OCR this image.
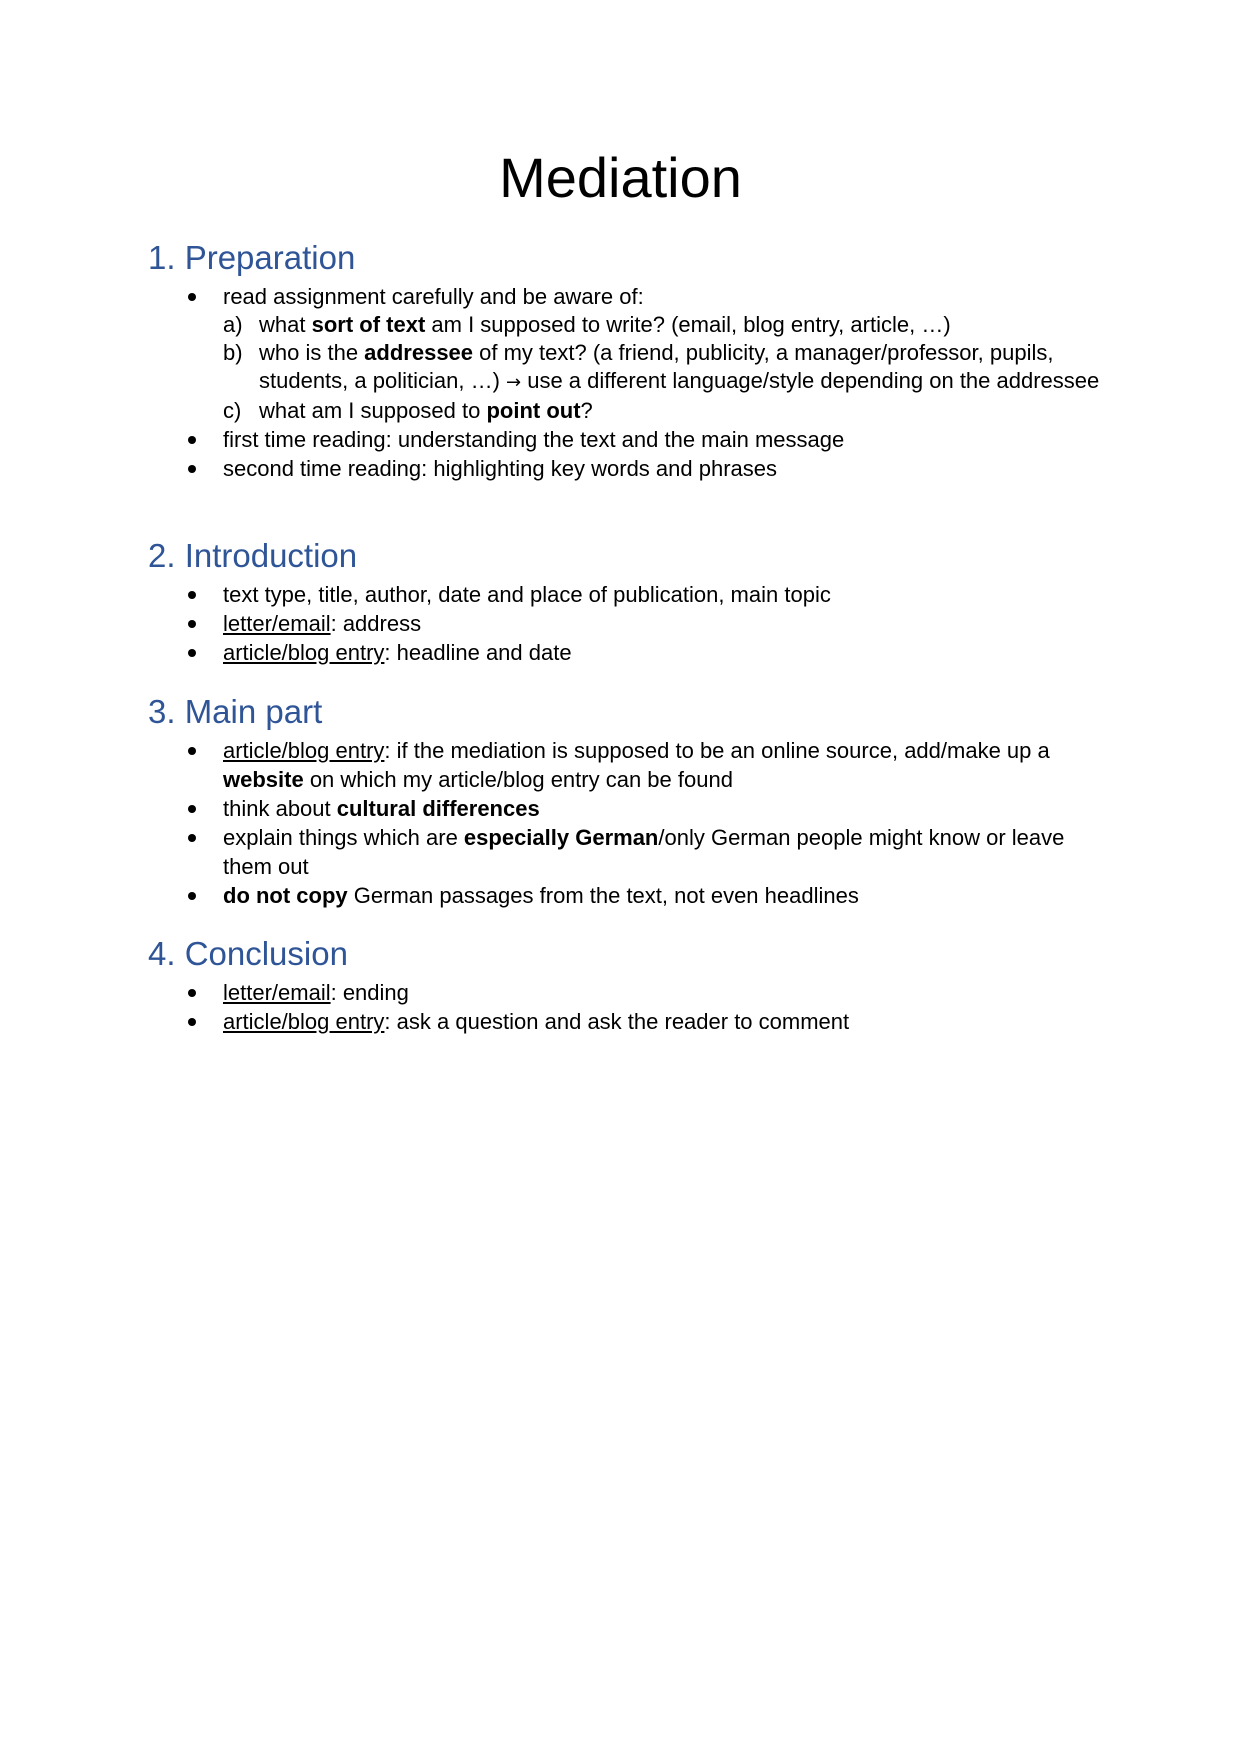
Mediation
1. Preparation
read assignment carefully and be aware of:
a) what sort of text am I supposed to write? (email, blog entry, article, …)
b) who is the addressee of my text? (a friend, publicity, a manager/professor, pupils, students, a politician, …) → use a different language/style depending on the addressee
c) what am I supposed to point out?
first time reading: understanding the text and the main message
second time reading: highlighting key words and phrases
2. Introduction
text type, title, author, date and place of publication, main topic
letter/email: address
article/blog entry: headline and date
3. Main part
article/blog entry: if the mediation is supposed to be an online source, add/make up a website on which my article/blog entry can be found
think about cultural differences
explain things which are especially German/only German people might know or leave them out
do not copy German passages from the text, not even headlines
4. Conclusion
letter/email: ending
article/blog entry: ask a question and ask the reader to comment
